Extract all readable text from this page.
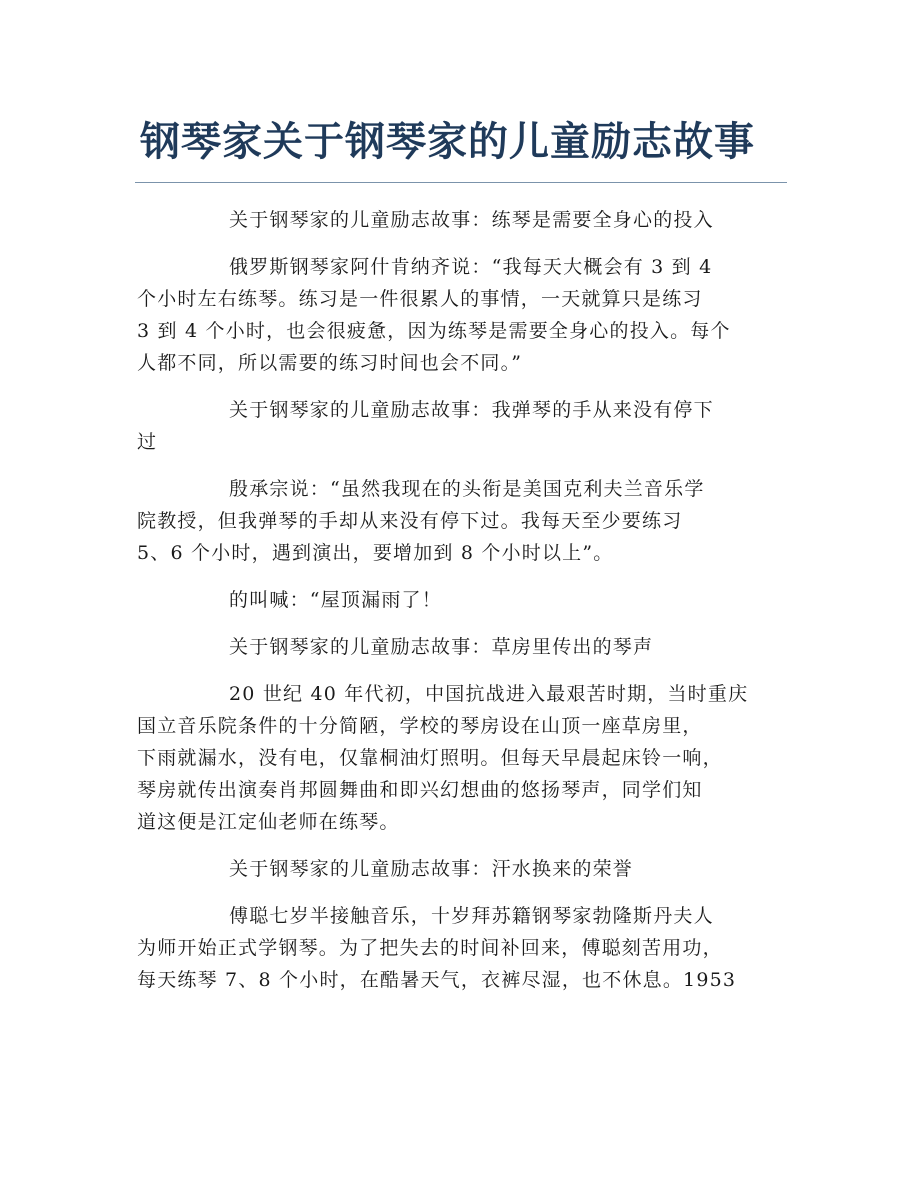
钢琴家关于钢琴家的儿童励志故事
关于钢琴家的儿童励志故事：练琴是需要全身心的投入
俄罗斯钢琴家阿什肯纳齐说：“我每天大概会有 3 到 4
个小时左右练琴。练习是一件很累人的事情，一天就算只是练习
3 到 4 个小时，也会很疲惫，因为练琴是需要全身心的投入。每个
人都不同，所以需要的练习时间也会不同。”
关于钢琴家的儿童励志故事：我弹琴的手从来没有停下
过
殷承宗说：“虽然我现在的头衔是美国克利夫兰音乐学
院教授，但我弹琴的手却从来没有停下过。我每天至少要练习
5、6 个小时，遇到演出，要增加到 8 个小时以上”。
的叫喊：“屋顶漏雨了！
关于钢琴家的儿童励志故事：草房里传出的琴声
20 世纪 40 年代初，中国抗战进入最艰苦时期，当时重庆
国立音乐院条件的十分简陋，学校的琴房设在山顶一座草房里，
下雨就漏水，没有电，仅靠桐油灯照明。但每天早晨起床铃一响，
琴房就传出演奏肖邦圆舞曲和即兴幻想曲的悠扬琴声，同学们知
道这便是江定仙老师在练琴。
关于钢琴家的儿童励志故事：汗水换来的荣誉
傅聪七岁半接触音乐，十岁拜苏籍钢琴家勃隆斯丹夫人
为师开始正式学钢琴。为了把失去的时间补回来，傅聪刻苦用功，
每天练琴 7、8 个小时，在酷暑天气，衣裤尽湿，也不休息。1953
